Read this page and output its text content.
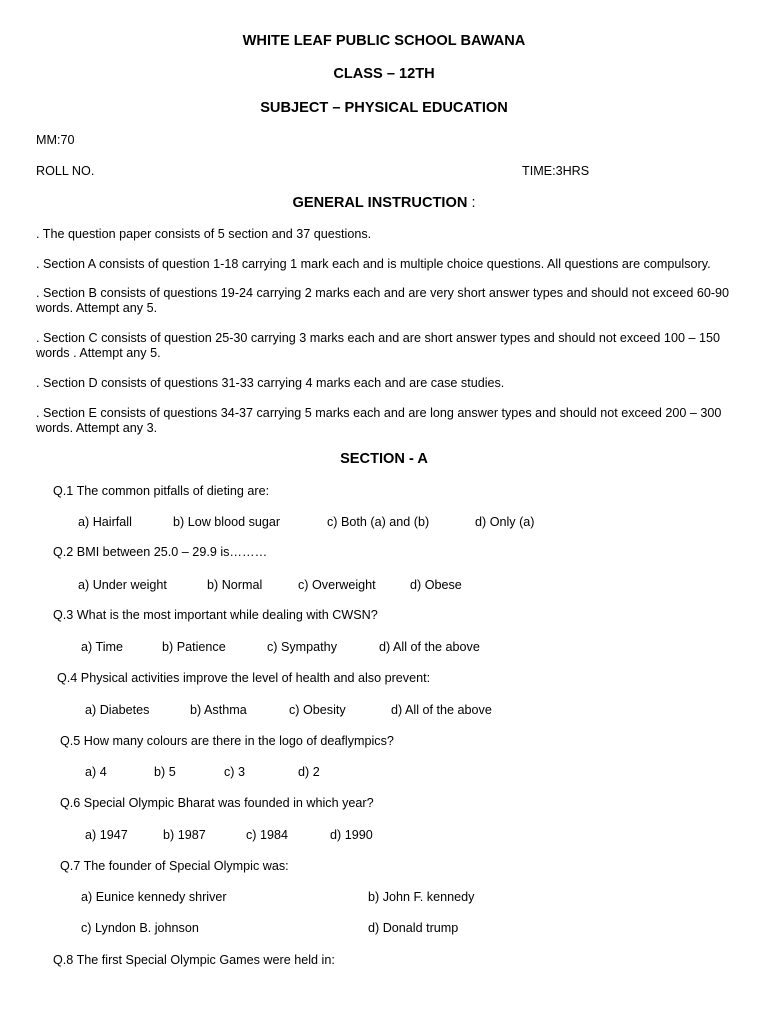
WHITE LEAF PUBLIC SCHOOL BAWANA
CLASS – 12TH
SUBJECT – PHYSICAL EDUCATION
MM:70
ROLL NO.	TIME:3HRS
GENERAL INSTRUCTION :
. The question paper consists of 5 section and 37 questions.
. Section A consists of question 1-18 carrying 1 mark each and is multiple choice questions. All questions are compulsory.
. Section B consists of questions 19-24 carrying 2 marks each and are very short answer types and should not exceed 60-90 words. Attempt any 5.
. Section C consists of question 25-30 carrying 3 marks each and are short answer types and should not exceed 100 – 150 words . Attempt any 5.
. Section D consists of questions 31-33 carrying 4 marks each and are case studies.
. Section E consists of questions 34-37 carrying 5 marks each and are long answer types and should not exceed 200 – 300 words. Attempt any 3.
SECTION - A
Q.1 The common pitfalls of dieting are:
a) Hairfall	b) Low blood sugar	c) Both (a) and (b)	d) Only (a)
Q.2 BMI between 25.0 – 29.9 is………
a) Under weight	b) Normal	c) Overweight	d) Obese
Q.3 What is the most important while dealing with CWSN?
a) Time	b) Patience	c) Sympathy	d) All of the above
Q.4 Physical activities improve the level of health and also prevent:
a) Diabetes	b) Asthma	c) Obesity	d) All of the above
Q.5 How many colours are there in the logo of deaflympics?
a) 4	b) 5	c) 3	d) 2
Q.6 Special Olympic Bharat was founded in which year?
a) 1947	b) 1987	c) 1984	d) 1990
Q.7 The founder of Special Olympic was:
a) Eunice kennedy shriver	b) John F. kennedy
c) Lyndon B. johnson	d) Donald trump
Q.8 The first Special Olympic Games were held in:
